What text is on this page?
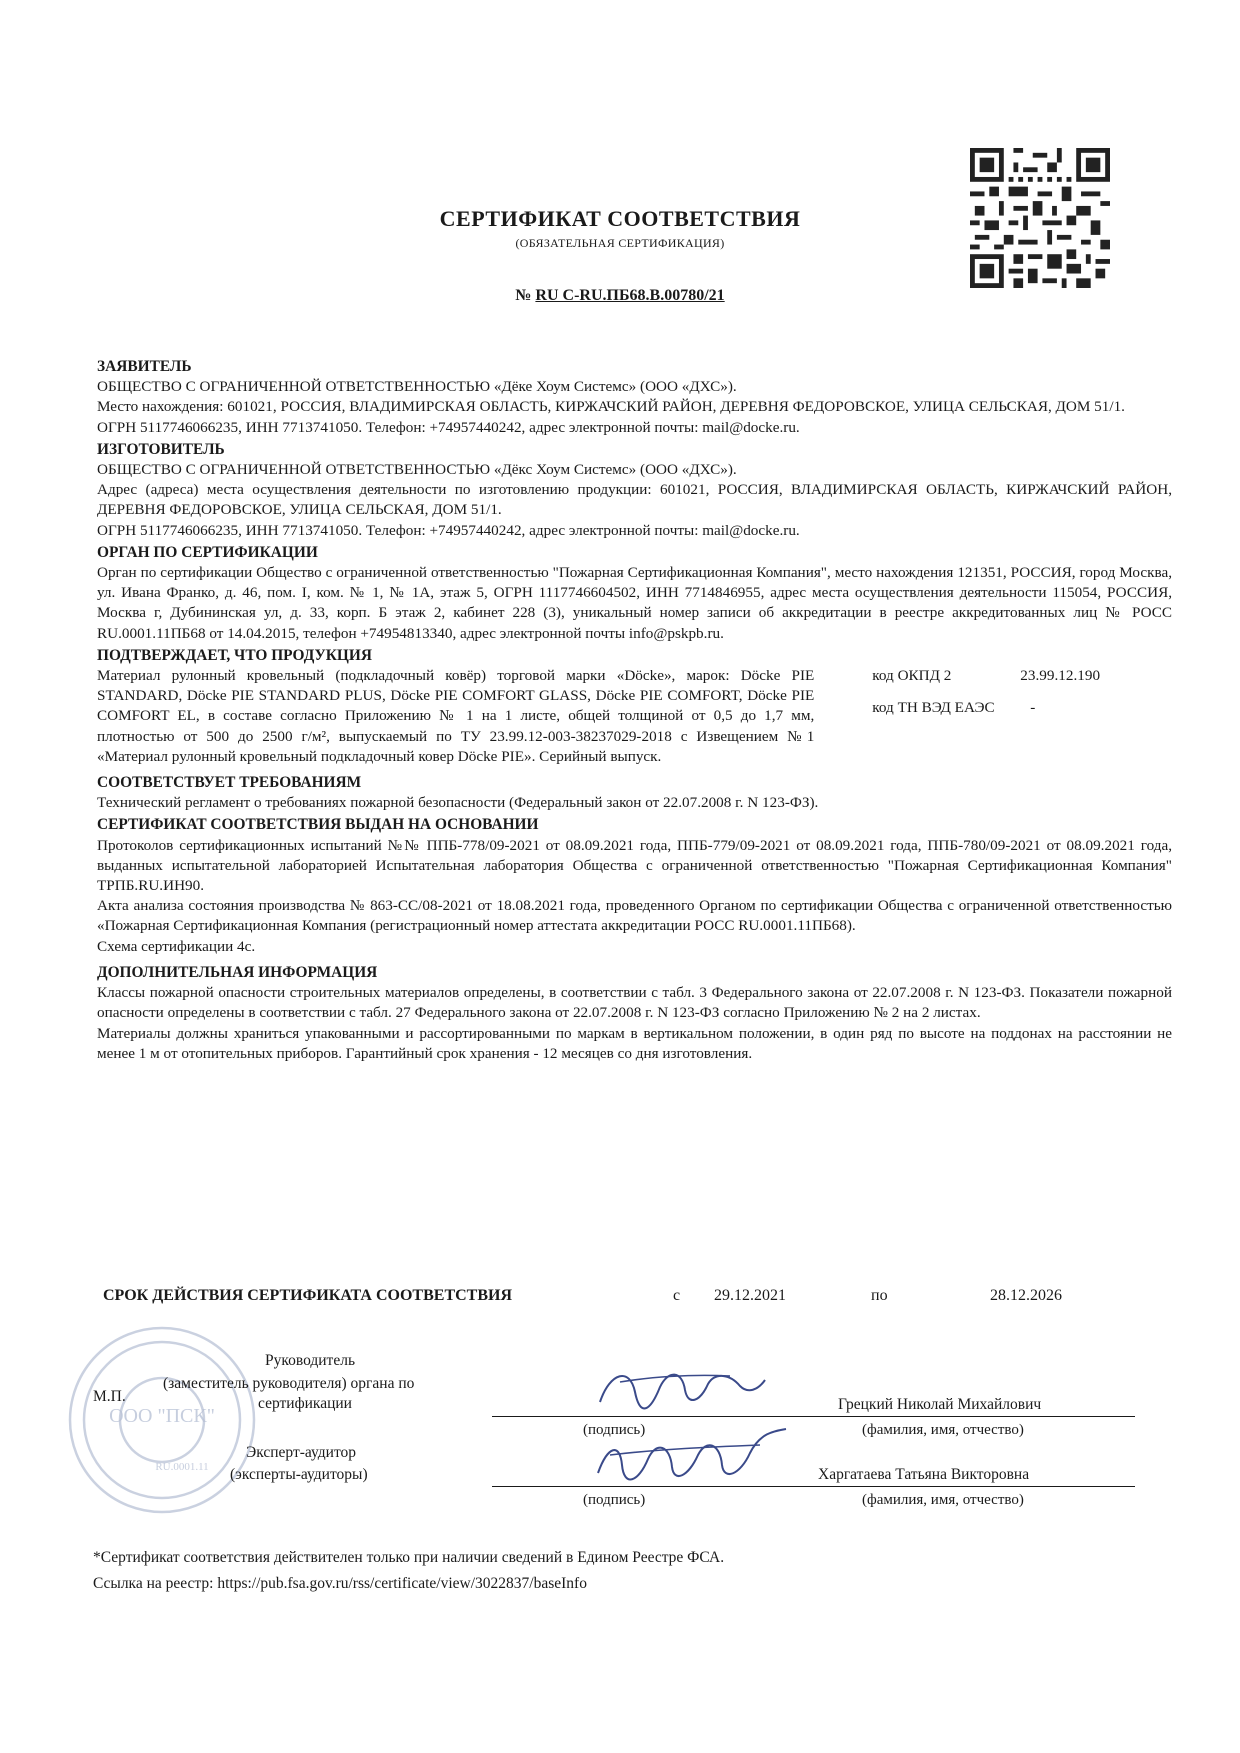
СЕРТИФИКАТ СООТВЕТСТВИЯ
(ОБЯЗАТЕЛЬНАЯ СЕРТИФИКАЦИЯ)
№ RU C-RU.ПБ68.В.00780/21
ЗАЯВИТЕЛЬ
ОБЩЕСТВО С ОГРАНИЧЕННОЙ ОТВЕТСТВЕННОСТЬЮ «Дёке Хоум Системс» (ООО «ДХС»).
Место нахождения: 601021, РОССИЯ, ВЛАДИМИРСКАЯ ОБЛАСТЬ, КИРЖАЧСКИЙ РАЙОН, ДЕРЕВНЯ ФЕДОРОВСКОЕ, УЛИЦА СЕЛЬСКАЯ, ДОМ 51/1.
ОГРН 5117746066235, ИНН 7713741050. Телефон: +74957440242, адрес электронной почты: mail@docke.ru.
ИЗГОТОВИТЕЛЬ
ОБЩЕСТВО С ОГРАНИЧЕННОЙ ОТВЕТСТВЕННОСТЬЮ «Дёкс Хоум Системс» (ООО «ДХС»).
Адрес (адреса) места осуществления деятельности по изготовлению продукции: 601021, РОССИЯ, ВЛАДИМИРСКАЯ ОБЛАСТЬ, КИРЖАЧСКИЙ РАЙОН, ДЕРЕВНЯ ФЕДОРОВСКОЕ, УЛИЦА СЕЛЬСКАЯ, ДОМ 51/1.
ОГРН 5117746066235, ИНН 7713741050. Телефон: +74957440242, адрес электронной почты: mail@docke.ru.
ОРГАН ПО СЕРТИФИКАЦИИ
Орган по сертификации Общество с ограниченной ответственностью "Пожарная Сертификационная Компания", место нахождения 121351, РОССИЯ, город Москва, ул. Ивана Франко, д. 46, пом. I, ком. № 1, № 1А, этаж 5, ОГРН 1117746604502, ИНН 7714846955, адрес места осуществления деятельности 115054, РОССИЯ, Москва г, Дубининская ул, д. 33, корп. Б этаж 2, кабинет 228 (3), уникальный номер записи об аккредитации в реестре аккредитованных лиц № РОСС RU.0001.11ПБ68 от 14.04.2015, телефон +74954813340, адрес электронной почты info@pskpb.ru.
ПОДТВЕРЖДАЕТ, ЧТО ПРОДУКЦИЯ
Материал рулонный кровельный (подкладочный ковёр) торговой марки «Döcke», марок: Döcke PIE STANDARD, Döcke PIE STANDARD PLUS, Döcke PIE COMFORT GLASS, Döcke PIE COMFORT, Döcke PIE COMFORT EL, в составе согласно Приложению № 1 на 1 листе, общей толщиной от 0,5 до 1,7 мм, плотностью от 500 до 2500 г/м², выпускаемый по ТУ 23.99.12-003-38237029-2018 с Извещением №1 «Материал рулонный кровельный подкладочный ковер Döcke PIE». Серийный выпуск.
код ОКПД 2	23.99.12.190
код ТН ВЭД ЕАЭС	-
СООТВЕТСТВУЕТ ТРЕБОВАНИЯМ
Технический регламент о требованиях пожарной безопасности (Федеральный закон от 22.07.2008 г. N 123-ФЗ).
СЕРТИФИКАТ СООТВЕТСТВИЯ ВЫДАН НА ОСНОВАНИИ
Протоколов сертификационных испытаний №№ ППБ-778/09-2021 от 08.09.2021 года, ППБ-779/09-2021 от 08.09.2021 года, ППБ-780/09-2021 от 08.09.2021 года, выданных испытательной лабораторией Испытательная лаборатория Общества с ограниченной ответственностью "Пожарная Сертификационная Компания" ТРПБ.RU.ИН90.
Акта анализа состояния производства № 863-СС/08-2021 от 18.08.2021 года, проведенного Органом по сертификации Общества с ограниченной ответственностью «Пожарная Сертификационная Компания (регистрационный номер аттестата аккредитации РОСС RU.0001.11ПБ68).
Схема сертификации 4с.
ДОПОЛНИТЕЛЬНАЯ ИНФОРМАЦИЯ
Классы пожарной опасности строительных материалов определены, в соответствии с табл. 3 Федерального закона от 22.07.2008 г. N 123-ФЗ. Показатели пожарной опасности определены в соответствии с табл. 27 Федерального закона от 22.07.2008 г. N 123-ФЗ согласно Приложению № 2 на 2 листах.
Материалы должны храниться упакованными и рассортированными по маркам в вертикальном положении, в один ряд по высоте на поддонах на расстоянии не менее 1 м от отопительных приборов. Гарантийный срок хранения - 12 месяцев со дня изготовления.
СРОК ДЕЙСТВИЯ СЕРТИФИКАТА СООТВЕТСТВИЯ	с 29.12.2021	по	28.12.2026
ООО "ПСК"
RU.0001.11
Руководитель
М.П.
(заместитель руководителя) органа по
сертификации
(подпись)
Грецкий Николай Михайлович
(фамилия, имя, отчество)
Эксперт-аудитор
(эксперты-аудиторы)
(подпись)
Харгатаева Татьяна Викторовна
(фамилия, имя, отчество)
*Сертификат соответствия действителен только при наличии сведений в Едином Реестре ФСА.
Ссылка на реестр: https://pub.fsa.gov.ru/rss/certificate/view/3022837/baseInfo
